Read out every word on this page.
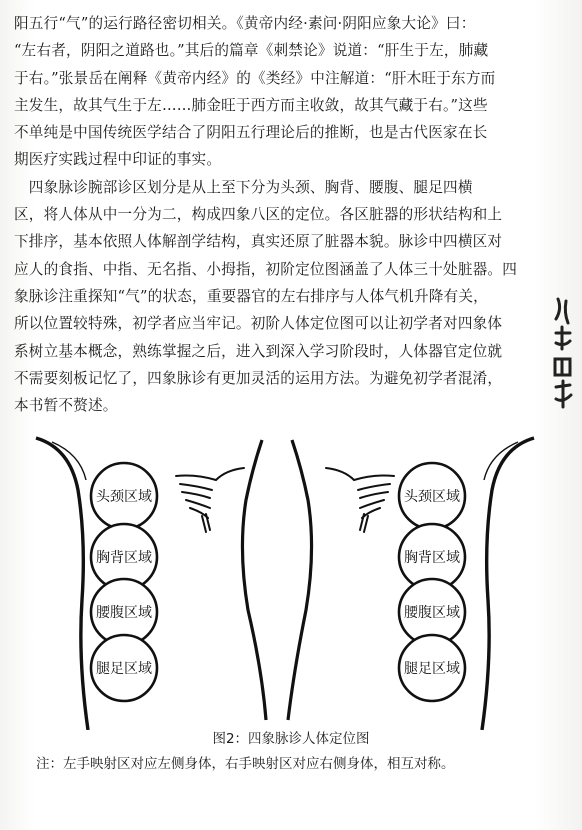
阳五行“气”的运行路径密切相关。《黄帝内经·素问·阴阳应象大论》曰：
“左右者，阴阳之道路也。”其后的篇章《刺禁论》说道：“肝生于左，肺藏
于右。”张景岳在阐释《黄帝内经》的《类经》中注解道：“肝木旺于东方而
主发生，故其气生于左……肺金旺于西方而主收敛，故其气藏于右。”这些
不单纯是中国传统医学结合了阴阳五行理论后的推断，也是古代医家在长
期医疗实践过程中印证的事实。
　四象脉诊腕部诊区划分是从上至下分为头颈、胸背、腰腹、腿足四横
区，将人体从中一分为二，构成四象八区的定位。各区脏器的形状结构和上
下排序，基本依照人体解剖学结构，真实还原了脏器本貌。脉诊中四横区对
应人的食指、中指、无名指、小拇指，初阶定位图涵盖了人体三十处脏器。四
象脉诊注重探知“气”的状态，重要器官的左右排序与人体气机升降有关，
所以位置较特殊，初学者应当牢记。初阶人体定位图可以让初学者对四象体
系树立基本概念，熟练掌握之后，进入到深入学习阶段时，人体器官定位就
不需要刻板记忆了，四象脉诊有更加灵活的运用方法。为避免初学者混淆，
本书暂不赘述。
头颈区域
胸背区域
腰腹区域
腿足区域
头颈区域
胸背区域
腰腹区域
腿足区域
图2：四象脉诊人体定位图
注：左手映射区对应左侧身体，右手映射区对应右侧身体，相互对称。
